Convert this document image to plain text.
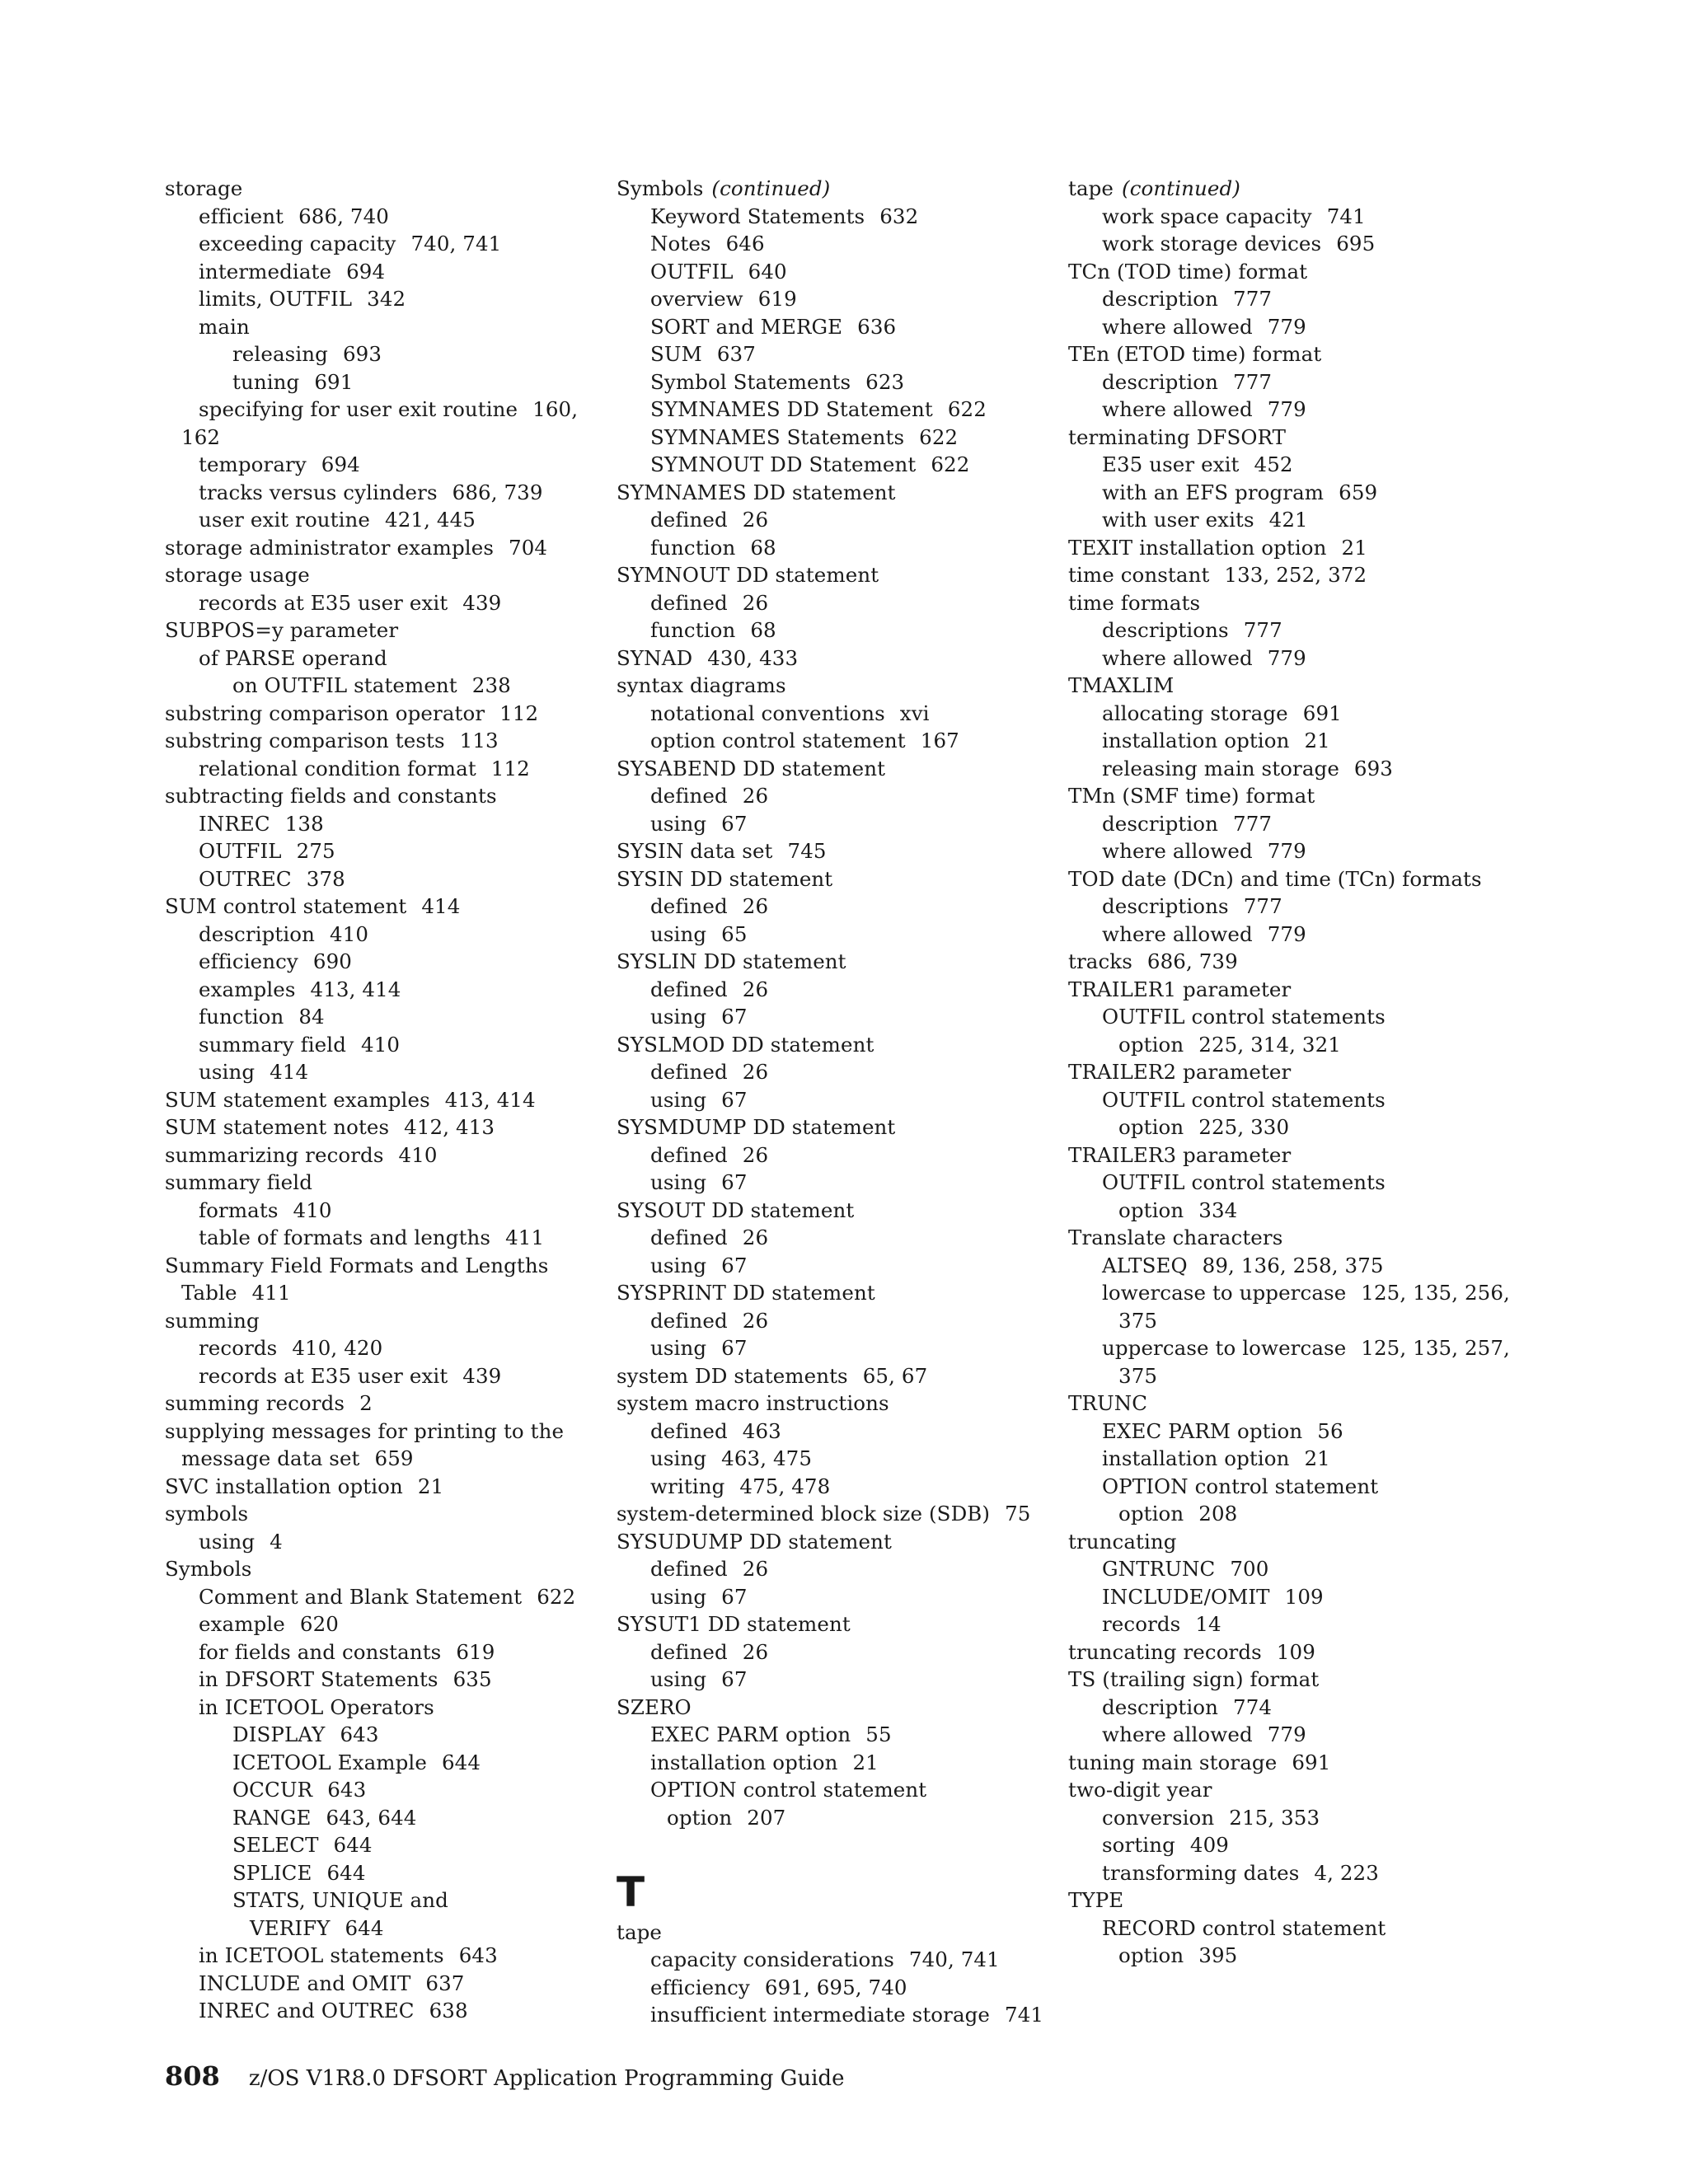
storage
efficient 686, 740
exceeding capacity 740, 741
intermediate 694
limits, OUTFIL 342
main
releasing 693
tuning 691
specifying for user exit routine 160,
162
temporary 694
tracks versus cylinders 686, 739
user exit routine 421, 445
storage administrator examples 704
storage usage
records at E35 user exit 439
SUBPOS=y parameter
of PARSE operand
on OUTFIL statement 238
substring comparison operator 112
substring comparison tests 113
relational condition format 112
subtracting fields and constants
INREC 138
OUTFIL 275
OUTREC 378
SUM control statement 414
description 410
efficiency 690
examples 413, 414
function 84
summary field 410
using 414
SUM statement examples 413, 414
SUM statement notes 412, 413
summarizing records 410
summary field
formats 410
table of formats and lengths 411
Summary Field Formats and Lengths
Table 411
summing
records 410, 420
records at E35 user exit 439
summing records 2
supplying messages for printing to the
message data set 659
SVC installation option 21
symbols
using 4
Symbols
Comment and Blank Statement 622
example 620
for fields and constants 619
in DFSORT Statements 635
in ICETOOL Operators
DISPLAY 643
ICETOOL Example 644
OCCUR 643
RANGE 643, 644
SELECT 644
SPLICE 644
STATS, UNIQUE and
VERIFY 644
in ICETOOL statements 643
INCLUDE and OMIT 637
INREC and OUTREC 638
Symbols (continued)
Keyword Statements 632
Notes 646
OUTFIL 640
overview 619
SORT and MERGE 636
SUM 637
Symbol Statements 623
SYMNAMES DD Statement 622
SYMNAMES Statements 622
SYMNOUT DD Statement 622
SYMNAMES DD statement
defined 26
function 68
SYMNOUT DD statement
defined 26
function 68
SYNAD 430, 433
syntax diagrams
notational conventions xvi
option control statement 167
SYSABEND DD statement
defined 26
using 67
SYSIN data set 745
SYSIN DD statement
defined 26
using 65
SYSLIN DD statement
defined 26
using 67
SYSLMOD DD statement
defined 26
using 67
SYSMDUMP DD statement
defined 26
using 67
SYSOUT DD statement
defined 26
using 67
SYSPRINT DD statement
defined 26
using 67
system DD statements 65, 67
system macro instructions
defined 463
using 463, 475
writing 475, 478
system-determined block size (SDB) 75
SYSUDUMP DD statement
defined 26
using 67
SYSUT1 DD statement
defined 26
using 67
SZERO
EXEC PARM option 55
installation option 21
OPTION control statement
option 207
T
tape
capacity considerations 740, 741
efficiency 691, 695, 740
insufficient intermediate storage 741
tape (continued)
work space capacity 741
work storage devices 695
TCn (TOD time) format
description 777
where allowed 779
TEn (ETOD time) format
description 777
where allowed 779
terminating DFSORT
E35 user exit 452
with an EFS program 659
with user exits 421
TEXIT installation option 21
time constant 133, 252, 372
time formats
descriptions 777
where allowed 779
TMAXLIM
allocating storage 691
installation option 21
releasing main storage 693
TMn (SMF time) format
description 777
where allowed 779
TOD date (DCn) and time (TCn) formats
descriptions 777
where allowed 779
tracks 686, 739
TRAILER1 parameter
OUTFIL control statements
option 225, 314, 321
TRAILER2 parameter
OUTFIL control statements
option 225, 330
TRAILER3 parameter
OUTFIL control statements
option 334
Translate characters
ALTSEQ 89, 136, 258, 375
lowercase to uppercase 125, 135, 256,
375
uppercase to lowercase 125, 135, 257,
375
TRUNC
EXEC PARM option 56
installation option 21
OPTION control statement
option 208
truncating
GNTRUNC 700
INCLUDE/OMIT 109
records 14
truncating records 109
TS (trailing sign) format
description 774
where allowed 779
tuning main storage 691
two-digit year
conversion 215, 353
sorting 409
transforming dates 4, 223
TYPE
RECORD control statement
option 395
808 z/OS V1R8.0 DFSORT Application Programming Guide
